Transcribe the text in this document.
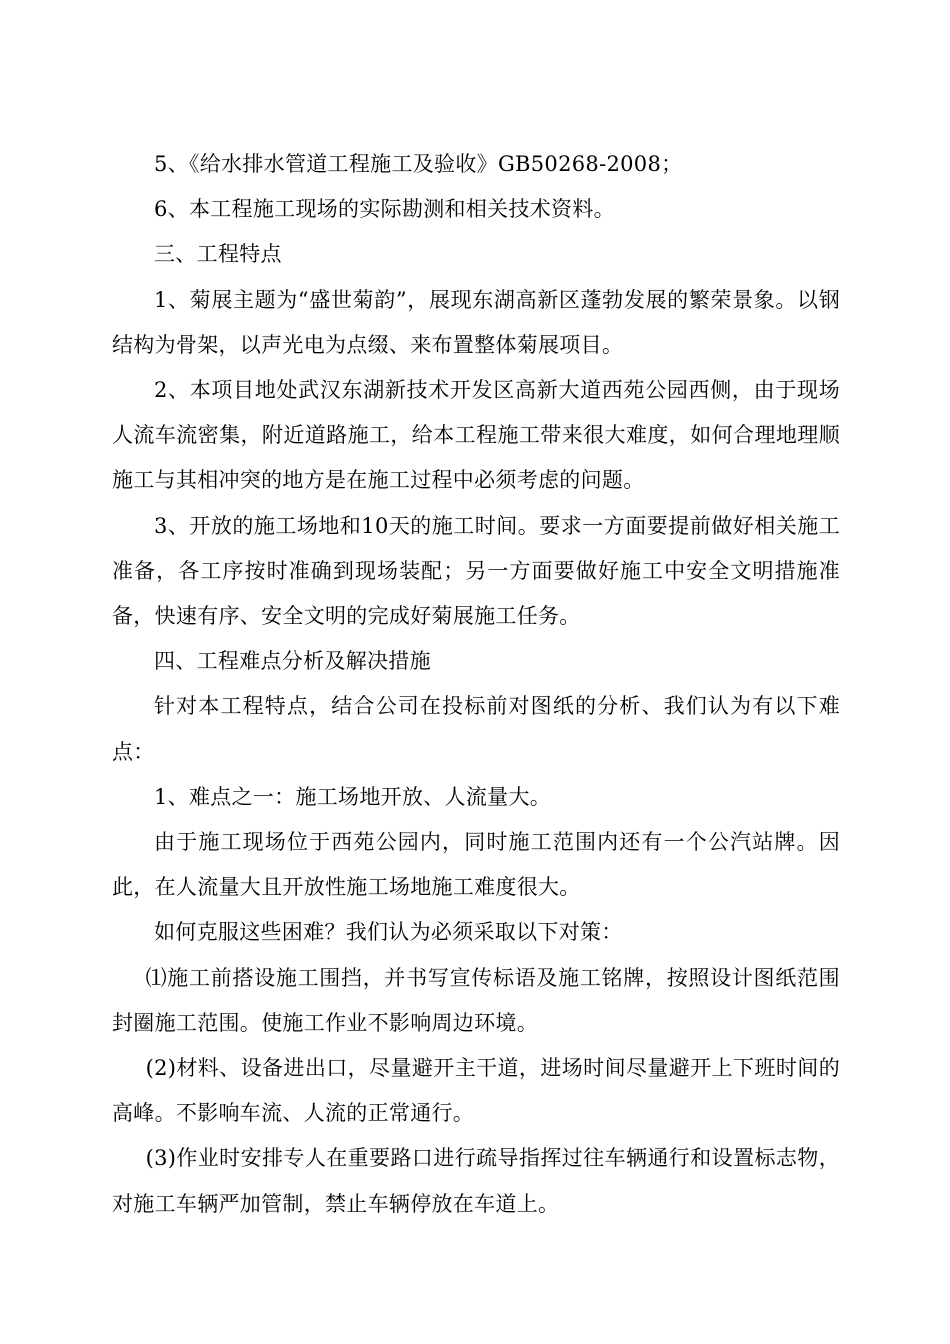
5、《给水排水管道工程施工及验收》GB50268-2008；

6、本工程施工现场的实际勘测和相关技术资料。

三、工程特点

1、菊展主题为“盛世菊韵”，展现东湖高新区蓬勃发展的繁荣景象。以钢结构为骨架，以声光电为点缀、来布置整体菊展项目。

2、本项目地处武汉东湖新技术开发区高新大道西苑公园西侧，由于现场人流车流密集，附近道路施工，给本工程施工带来很大难度，如何合理地理顺施工与其相冲突的地方是在施工过程中必须考虑的问题。

3、开放的施工场地和10天的施工时间。要求一方面要提前做好相关施工准备，各工序按时准确到现场装配；另一方面要做好施工中安全文明措施准备，快速有序、安全文明的完成好菊展施工任务。

四、工程难点分析及解决措施

针对本工程特点，结合公司在投标前对图纸的分析、我们认为有以下难点：

1、难点之一：施工场地开放、人流量大。

由于施工现场位于西苑公园内，同时施工范围内还有一个公汽站牌。因此，在人流量大且开放性施工场地施工难度很大。

如何克服这些困难？我们认为必须采取以下对策：

⑴施工前搭设施工围挡，并书写宣传标语及施工铭牌，按照设计图纸范围封圈施工范围。使施工作业不影响周边环境。

(2)材料、设备进出口，尽量避开主干道，进场时间尽量避开上下班时间的高峰。不影响车流、人流的正常通行。

(3)作业时安排专人在重要路口进行疏导指挥过往车辆通行和设置标志物，对施工车辆严加管制，禁止车辆停放在车道上。
